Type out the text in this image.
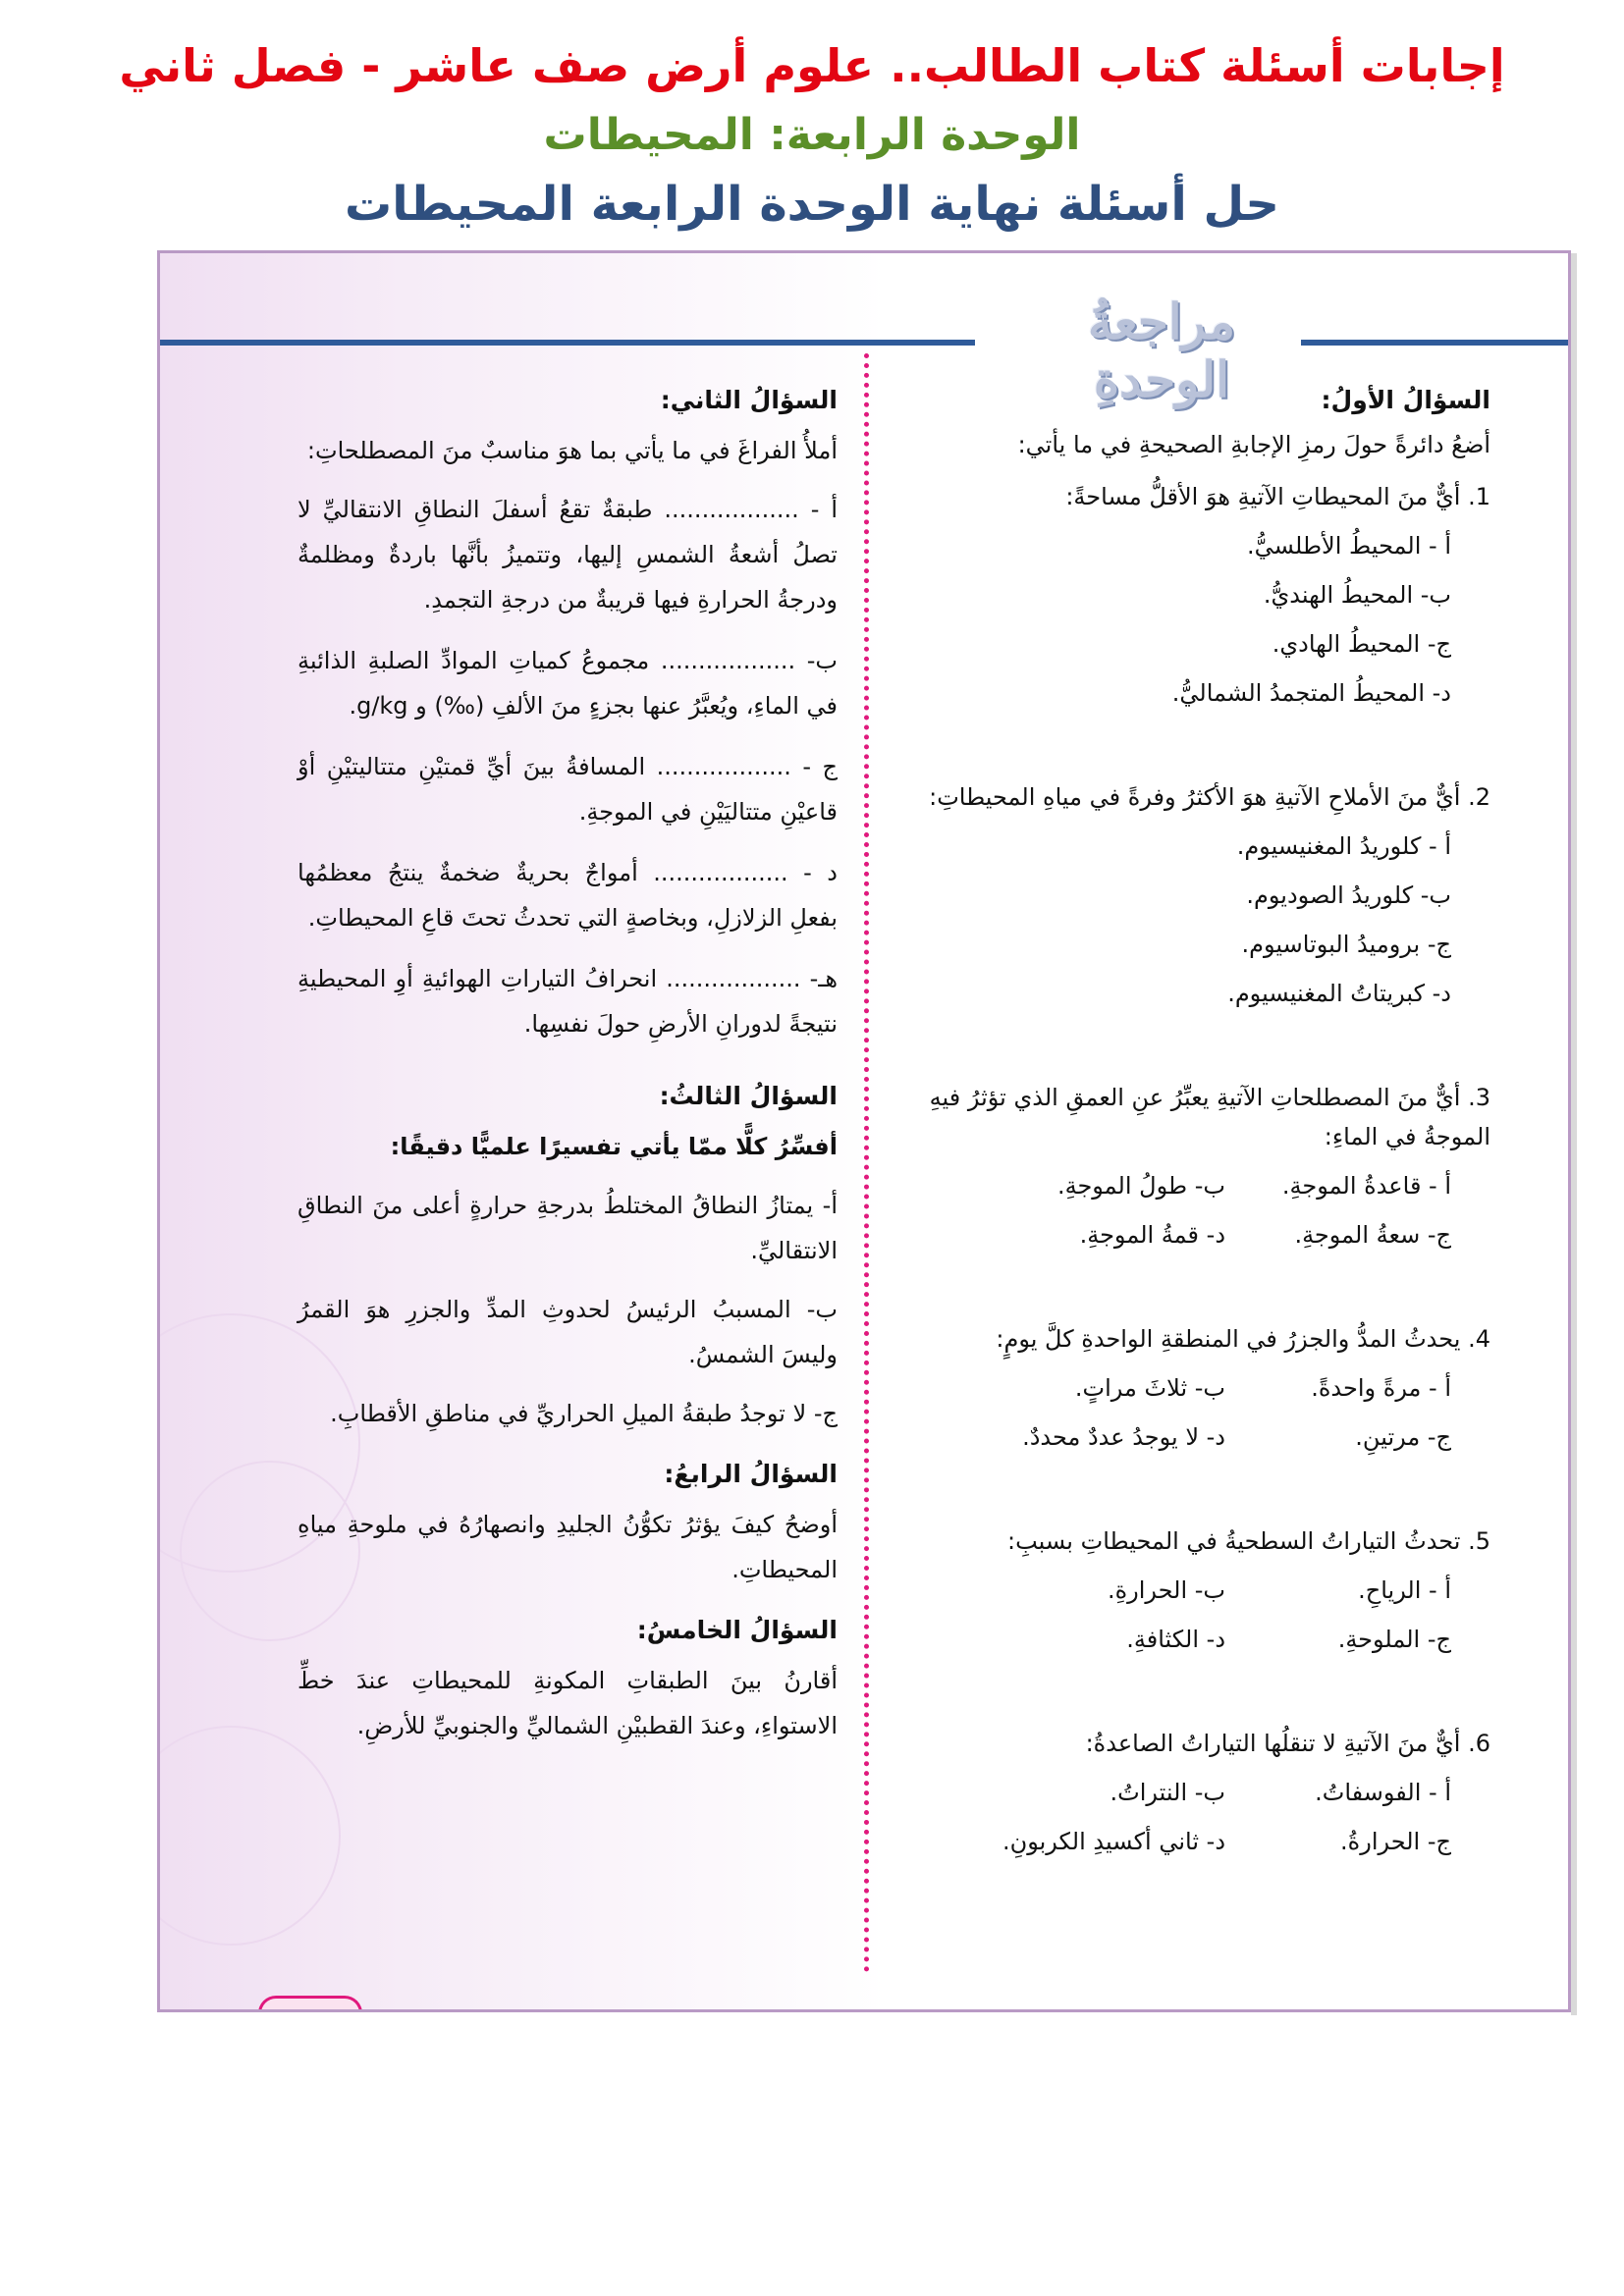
إجابات أسئلة كتاب الطالب.. علوم أرض صف عاشر - فصل ثاني
الوحدة الرابعة: المحيطات
حل أسئلة نهاية الوحدة الرابعة المحيطات
مراجعةُ الوحدةِ	السؤالُ الأولُ:
أضعُ دائرةً حولَ رمزِ الإجابةِ الصحيحةِ في ما يأتي:
1. أيٌّ منَ المحيطاتِ الآتيةِ هوَ الأقلُّ مساحةً:
أ - المحيطُ الأطلسيُّ.
ب- المحيطُ الهنديُّ.
ج- المحيطُ الهادي.
د- المحيطُ المتجمدُ الشماليُّ.
2. أيٌّ منَ الأملاحِ الآتيةِ هوَ الأكثرُ وفرةً في مياهِ المحيطاتِ:
أ - كلوريدُ المغنيسيوم.
ب- كلوريدُ الصوديوم.
ج- بروميدُ البوتاسيوم.
د- كبريتاتُ المغنيسيوم.
3. أيٌّ منَ المصطلحاتِ الآتيةِ يعبِّرُ عنِ العمقِ الذي تؤثرُ فيهِ الموجةُ في الماءِ:
أ - قاعدةُ الموجةِ.
ب- طولُ الموجةِ.
ج- سعةُ الموجةِ.
د- قمةُ الموجةِ.
4. يحدثُ المدُّ والجزرُ في المنطقةِ الواحدةِ كلَّ يومٍ:
أ - مرةً واحدةً.
ب- ثلاثَ مراتٍ.
ج- مرتينِ.
د- لا يوجدُ عددٌ محددٌ.
5. تحدثُ التياراتُ السطحيةُ في المحيطاتِ بسببِ:
أ - الرياحِ.
ب- الحرارةِ.
ج- الملوحةِ.
د- الكثافةِ.
6. أيٌّ منَ الآتيةِ لا تنقلُها التياراتُ الصاعدةُ:
أ - الفوسفاتُ.
ب- النتراتُ.
ج- الحرارةُ.
د- ثاني أكسيدِ الكربونِ.
السؤالُ الثاني:
أملأُ الفراغَ في ما يأتي بما هوَ مناسبٌ منَ المصطلحاتِ:
أ - .................. طبقةٌ تقعُ أسفلَ النطاقِ الانتقاليِّ لا تصلُ أشعةُ الشمسِ إليها، وتتميزُ بأنَّها باردةٌ ومظلمةٌ ودرجةُ الحرارةِ فيها قريبةٌ من درجةِ التجمدِ.
ب- .................. مجموعُ كمياتِ الموادِّ الصلبةِ الذائبةِ في الماءِ، ويُعبَّرُ عنها بجزءٍ منَ الألفِ (‰) و g/kg.
ج - .................. المسافةُ بينَ أيِّ قمتيْنِ متتاليتيْنِ أوْ قاعيْنِ متتاليَيْنِ في الموجةِ.
د - .................. أمواجٌ بحريةٌ ضخمةٌ ينتجُ معظمُها بفعلِ الزلازلِ، وبخاصةٍ التي تحدثُ تحتَ قاعِ المحيطاتِ.
هـ- .................. انحرافُ التياراتِ الهوائيةِ أوِ المحيطيةِ نتيجةً لدورانِ الأرضِ حولَ نفسِها.
السؤالُ الثالثُ:
أفسِّرُ كلًّا ممّا يأتي تفسيرًا علميًّا دقيقًا:
أ- يمتازُ النطاقُ المختلطُ بدرجةِ حرارةٍ أعلى منَ النطاقِ الانتقاليِّ.
ب- المسببُ الرئيسُ لحدوثِ المدِّ والجزرِ هوَ القمرُ وليسَ الشمسُ.
ج- لا توجدُ طبقةُ الميلِ الحراريِّ في مناطقِ الأقطابِ.
السؤالُ الرابعُ:
أوضحُ كيفَ يؤثرُ تكوُّنُ الجليدِ وانصهارُهُ في ملوحةِ مياهِ المحيطاتِ.
السؤالُ الخامسُ:
أقارنُ بينَ الطبقاتِ المكونةِ للمحيطاتِ عندَ خطِّ الاستواءِ، وعندَ القطبيْنِ الشماليِّ والجنوبيِّ للأرضِ.
